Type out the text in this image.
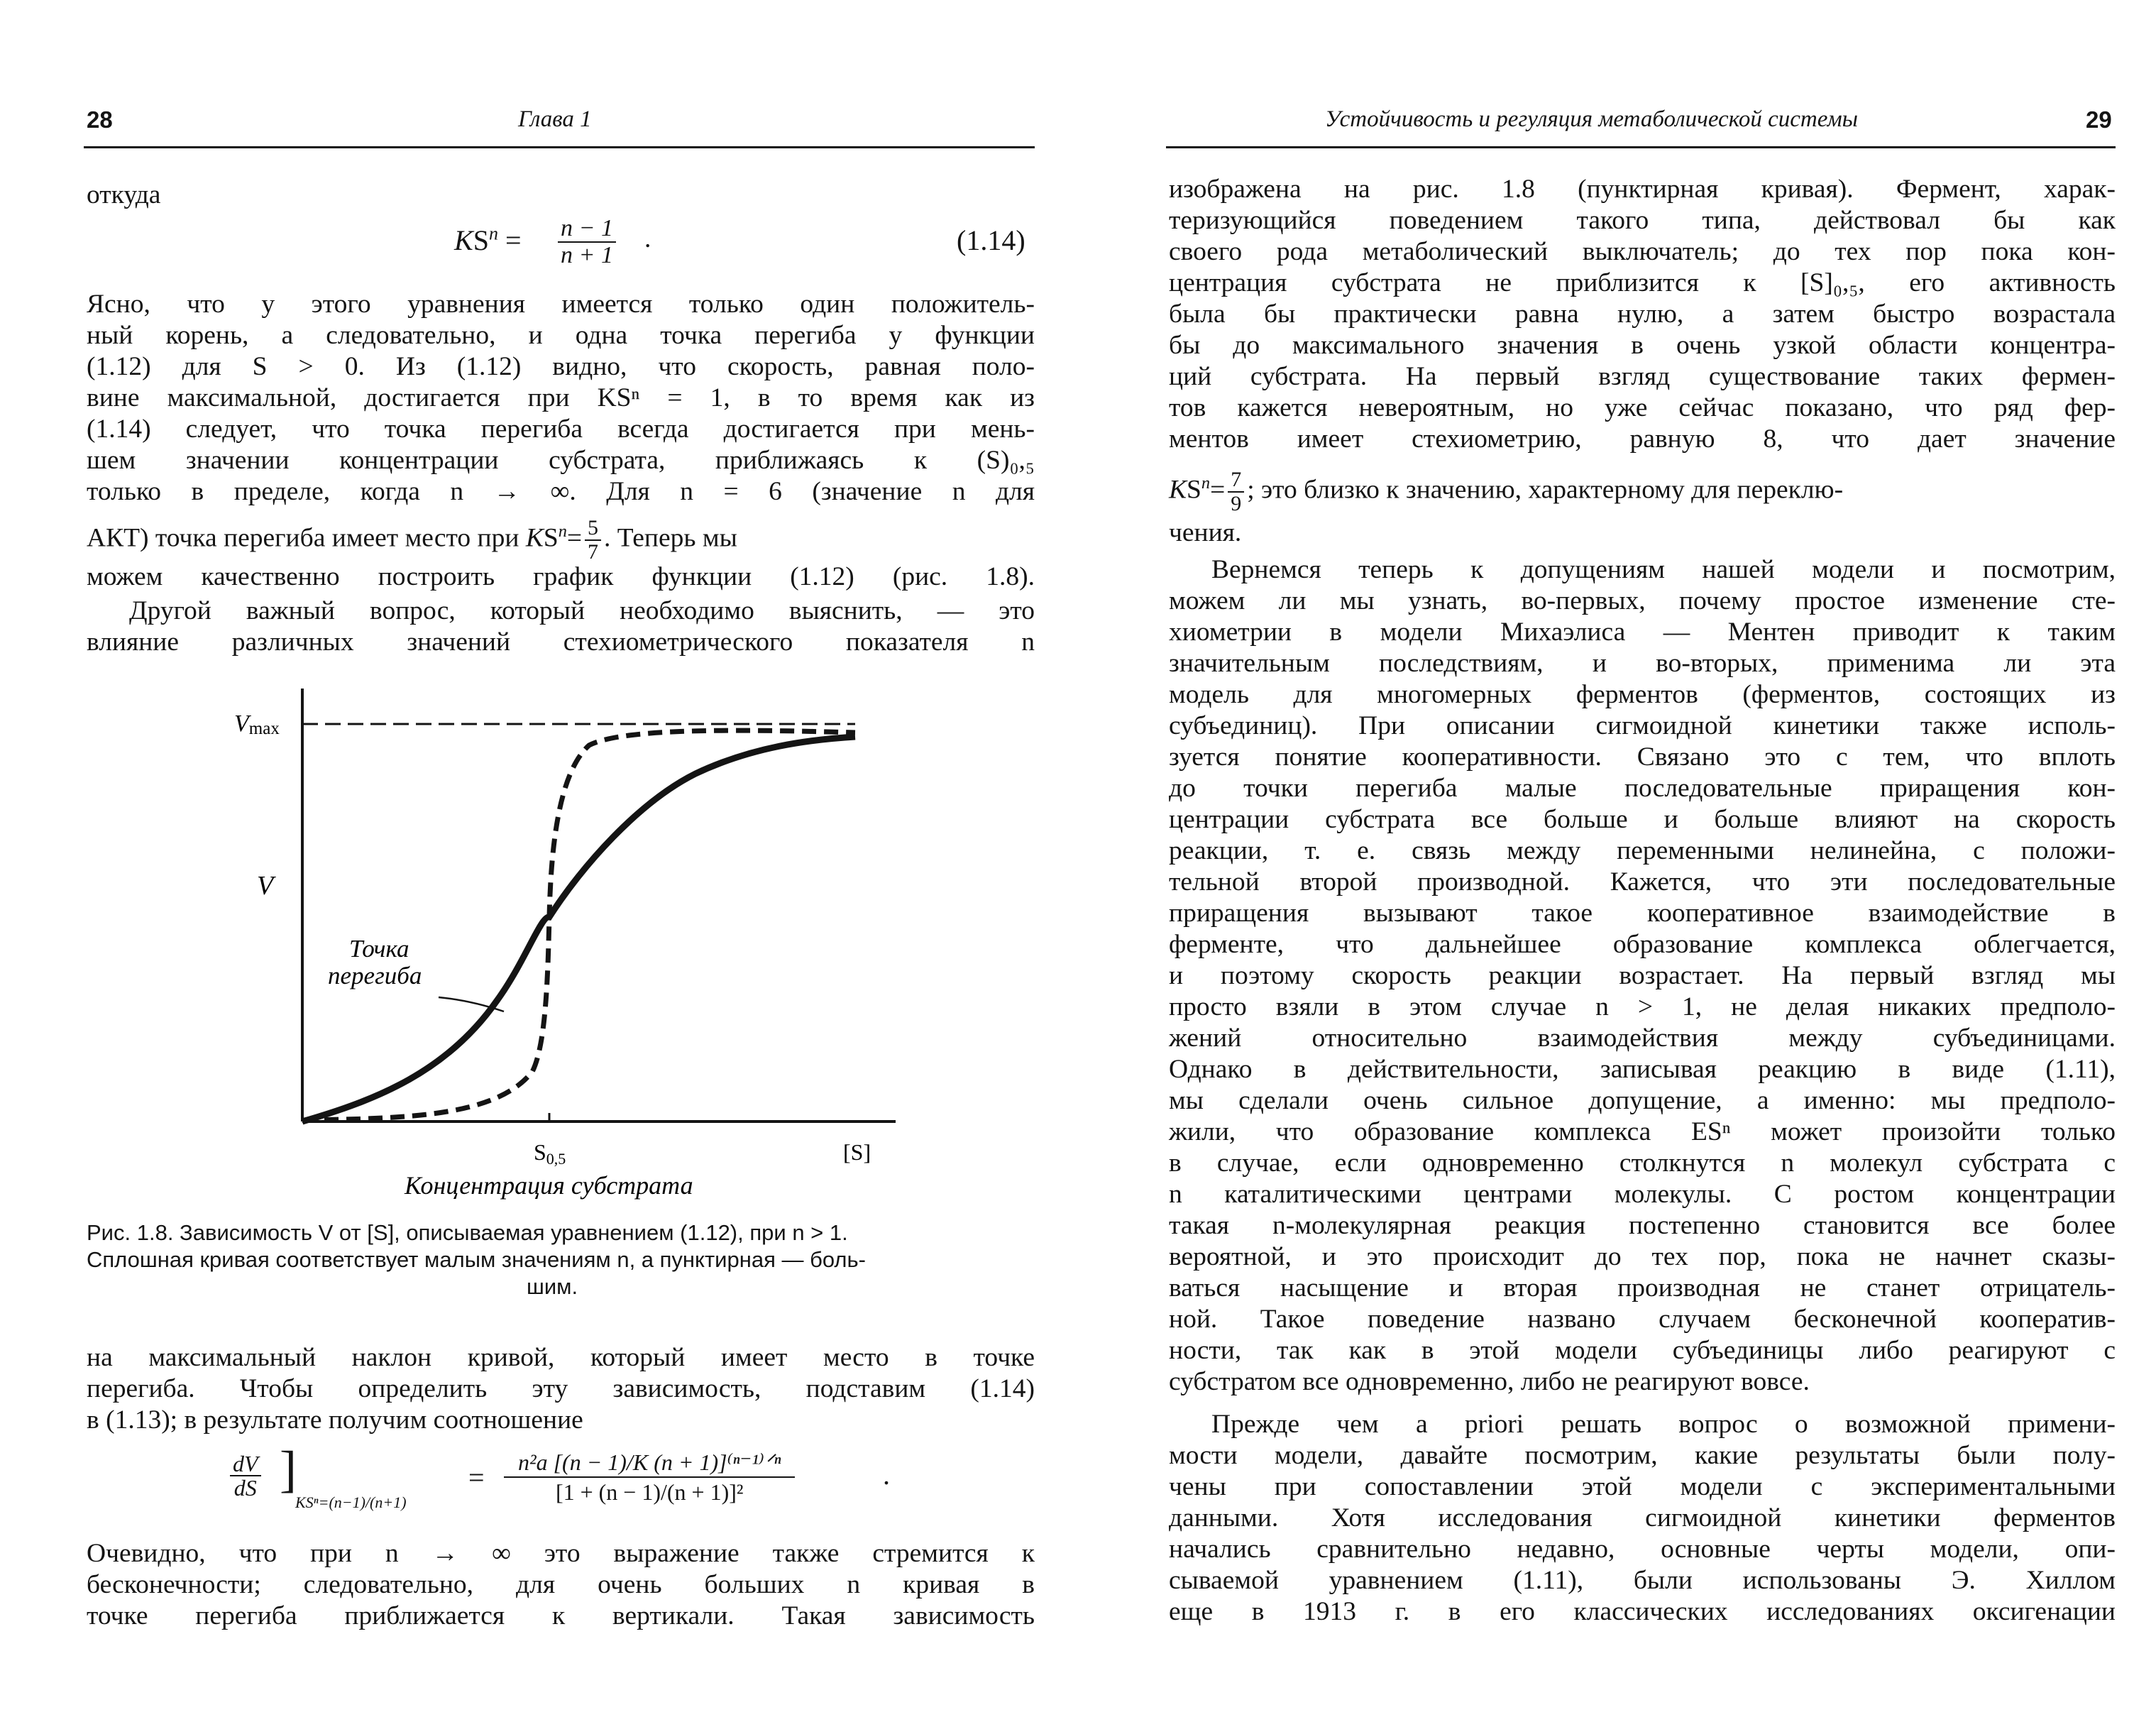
28	Глава 1
откуда
$KS^n = \frac{n - 1}{n + 1}$ .	(1.14)
Ясно, что у этого уравнения имеется только один положитель-
ный корень, а следовательно, и одна точка перегиба у функции
(1.12) для S > 0. Из (1.12) видно, что скорость, равная поло-
вине максимальной, достигается при KSⁿ = 1, в то время как из
(1.14) следует, что точка перегиба всегда достигается при мень-
шем значении концентрации субстрата, приближаясь к (S)₀,₅
только в пределе, когда n → ∞. Для n = 6 (значение n для
АКТ) точка перегиба имеет место при $KS^n= \frac{5}{7}$ . Теперь мы
можем качественно построить график функции (1.12) (рис. 1.8).
Другой важный вопрос, который необходимо выяснить, — это
влияние различных значений стехиометрического показателя n
Vmax
V
Точка
перегиба
S0,5	[S]
Концентрация субстрата
Рис. 1.8. Зависимость V от [S], описываемая уравнением (1.12), при n > 1.
Сплошная кривая соответствует малым значениям n, а пунктирная — боль-
шим.
на максимальный наклон кривой, который имеет место в точке
перегиба. Чтобы определить эту зависимость, подставим (1.14)
в (1.13); в результате получим соотношение
$\frac{dV}{dS}$ ]
KSⁿ=(n−1)/(n+1)
=	n²a [(n − 1)/K (n + 1)]⁽ⁿ⁻¹⁾ᐟⁿ
[1 + (n − 1)/(n + 1)]²
.
Очевидно, что при n → ∞ это выражение также стремится к
бесконечности; следовательно, для очень больших n кривая в
точке перегиба приближается к вертикали. Такая зависимость
Устойчивость и регуляция метаболической системы	29
изображена на рис. 1.8 (пунктирная кривая). Фермент, харак-
теризующийся поведением такого типа, действовал бы как
своего рода метаболический выключатель; до тех пор пока кон-
центрация субстрата не приблизится к [S]₀,₅, его активность
была бы практически равна нулю, а затем быстро возрастала
бы до максимального значения в очень узкой области концентра-
ций субстрата. На первый взгляд существование таких фермен-
тов кажется невероятным, но уже сейчас показано, что ряд фер-
ментов имеет стехиометрию, равную 8, что дает значение
$KS^n= \frac{7}{9}$ ; это близко к значению, характерному для переклю-
чения.
Вернемся теперь к допущениям нашей модели и посмотрим,
можем ли мы узнать, во-первых, почему простое изменение сте-
хиометрии в модели Михаэлиса — Ментен приводит к таким
значительным последствиям, и во-вторых, применима ли эта
модель для многомерных ферментов (ферментов, состоящих из
субъединиц). При описании сигмоидной кинетики также исполь-
зуется понятие кооперативности. Связано это с тем, что вплоть
до точки перегиба малые последовательные приращения кон-
центрации субстрата все больше и больше влияют на скорость
реакции, т. е. связь между переменными нелинейна, с положи-
тельной второй производной. Кажется, что эти последовательные
приращения вызывают такое кооперативное взаимодействие в
ферменте, что дальнейшее образование комплекса облегчается,
и поэтому скорость реакции возрастает. На первый взгляд мы
просто взяли в этом случае n > 1, не делая никаких предполо-
жений относительно взаимодействия между субъединицами.
Однако в действительности, записывая реакцию в виде (1.11),
мы сделали очень сильное допущение, а именно: мы предполо-
жили, что образование комплекса ESⁿ может произойти только
в случае, если одновременно столкнутся n молекул субстрата с
n каталитическими центрами молекулы. С ростом концентрации
такая n-молекулярная реакция постепенно становится все более
вероятной, и это происходит до тех пор, пока не начнет сказы-
ваться насыщение и вторая производная не станет отрицатель-
ной. Такое поведение названо случаем бесконечной кооператив-
ности, так как в этой модели субъединицы либо реагируют с
субстратом все одновременно, либо не реагируют вовсе.
Прежде чем a priori решать вопрос о возможной примени-
мости модели, давайте посмотрим, какие результаты были полу-
чены при сопоставлении этой модели с экспериментальными
данными. Хотя исследования сигмоидной кинетики ферментов
начались сравнительно недавно, основные черты модели, опи-
сываемой уравнением (1.11), были использованы Э. Хиллом
еще в 1913 г. в его классических исследованиях оксигенации
